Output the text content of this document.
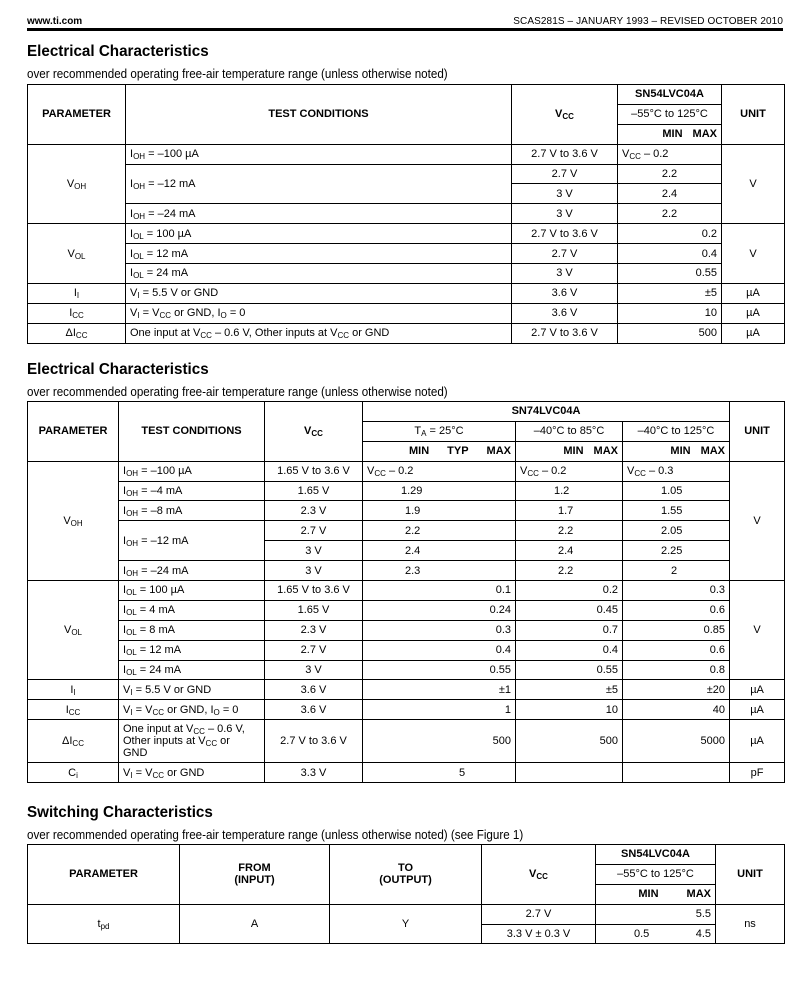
www.ti.com	SCAS281S – JANUARY 1993 – REVISED OCTOBER 2010
Electrical Characteristics
over recommended operating free-air temperature range (unless otherwise noted)
PARAMETER	TEST CONDITIONS	$V_{CC}$	SN54LVC04A	UNIT
			–55°C to 125°C	

			MIN MAX	

$V_{OH}$	$I_{OH} = -100$ µA	2.7 V to 3.6 V	$V_{CC} - 0.2$	V
	$I_{OH} = -12$ mA	2.7 V	2.2	
		3 V	2.4	
	$I_{OH} = -24$ mA	3 V	2.2	
$V_{OL}$	$I_{OL} = 100$ µA	2.7 V to 3.6 V	0.2	V
	$I_{OL} = 12$ mA	2.7 V	0.4	
	$I_{OL} = 24$ mA	3 V	0.55	
$I_I$	$V_I = 5.5$ V or GND	3.6 V	±5	µA
$I_{CC}$	$V_I = V_{CC}$ or GND, $I_O = 0$	3.6 V	10	µA
$\Delta I_{CC}$	One input at $V_{CC} - 0.6$ V, Other inputs at $V_{CC}$ or GND	2.7 V to 3.6 V	500	µA
Electrical Characteristics
over recommended operating free-air temperature range (unless otherwise noted)
PARAMETER	TEST CONDITIONS	$V_{CC}$	SN74LVC04A			UNIT
			$T_A = 25^\circ C$	–40°C to 85°C	–40°C to 125°C	

			MIN TYP MAX	MIN MAX	MIN MAX	

$V_{OH}$	$I_{OH} = -100$ µA	1.65 V to 3.6 V	$V_{CC} - 0.2$	$V_{CC} - 0.2$	$V_{CC} - 0.3$	V
	$I_{OH} = -4$ mA	1.65 V	1.29	1.2	1.05	
	$I_{OH} = -8$ mA	2.3 V	1.9	1.7	1.55	
	$I_{OH} = -12$ mA	2.7 V	2.2	2.2	2.05	
		3 V	2.4	2.4	2.25	
	$I_{OH} = -24$ mA	3 V	2.3	2.2	2	
$V_{OL}$	$I_{OL} = 100$ µA	1.65 V to 3.6 V	0.1	0.2	0.3	V
	$I_{OL} = 4$ mA	1.65 V	0.24	0.45	0.6	
	$I_{OL} = 8$ mA	2.3 V	0.3	0.7	0.85	
	$I_{OL} = 12$ mA	2.7 V	0.4	0.4	0.6	
	$I_{OL} = 24$ mA	3 V	0.55	0.55	0.8	
$I_I$	$V_I = 5.5$ V or GND	3.6 V	±1	±5	±20	µA
$I_{CC}$	$V_I = V_{CC}$ or GND, $I_O = 0$	3.6 V	1	10	40	µA
$\Delta I_{CC}$	One input at $V_{CC} - 0.6$ V,
Other inputs at $V_{CC}$ or
GND	2.7 V to 3.6 V	500	500	5000	µA
$C_i$	$V_I = V_{CC}$ or GND	3.3 V	5			pF
Switching Characteristics
over recommended operating free-air temperature range (unless otherwise noted) (see Figure 1)
PARAMETER	FROM
(INPUT)

TO
(OUTPUT)	$V_{CC}$	SN54LVC04A	UNIT
				–55°C to 125°C	

				MIN MAX	

$t_{pd}$	A	Y	2.7 V	5.5	ns
			3.3 V ± 0.3 V	0.5 4.5	
